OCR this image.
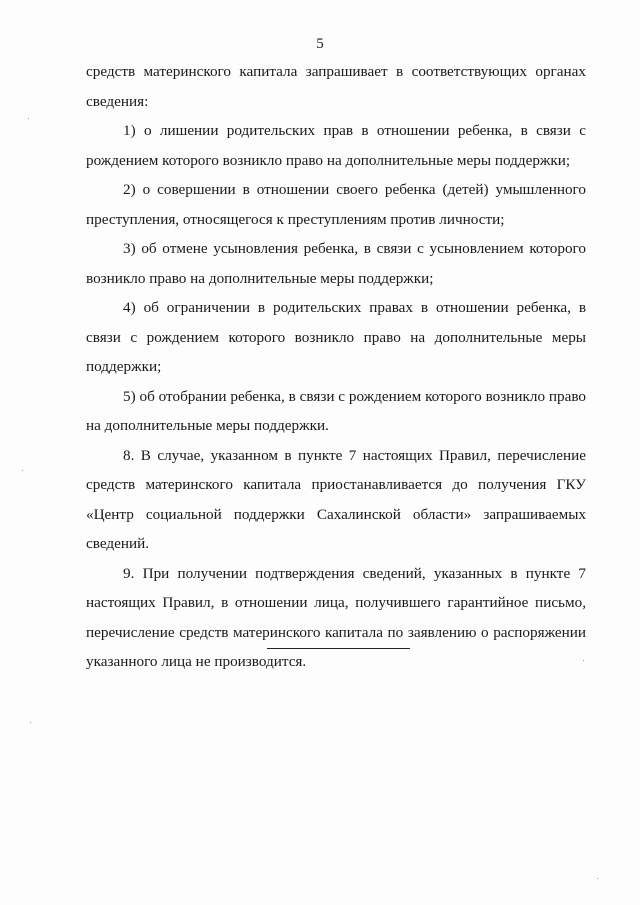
5

средств материнского капитала запрашивает в соответствующих органах сведения:

1) о лишении родительских прав в отношении ребенка, в связи с рождением которого возникло право на дополнительные меры поддержки;

2) о совершении в отношении своего ребенка (детей) умышленного преступления, относящегося к преступлениям против личности;

3) об отмене усыновления ребенка, в связи с усыновлением которого возникло право на дополнительные меры поддержки;

4) об ограничении в родительских правах в отношении ребенка, в связи с рождением которого возникло право на дополнительные меры поддержки;

5) об отобрании ребенка, в связи с рождением которого возникло право на дополнительные меры поддержки.

8. В случае, указанном в пункте 7 настоящих Правил, перечисление средств материнского капитала приостанавливается до получения ГКУ «Центр социальной поддержки Сахалинской области» запрашиваемых сведений.

9. При получении подтверждения сведений, указанных в пункте 7 настоящих Правил, в отношении лица, получившего гарантийное письмо, перечисление средств материнского капитала по заявлению о распоряжении указанного лица не производится.
